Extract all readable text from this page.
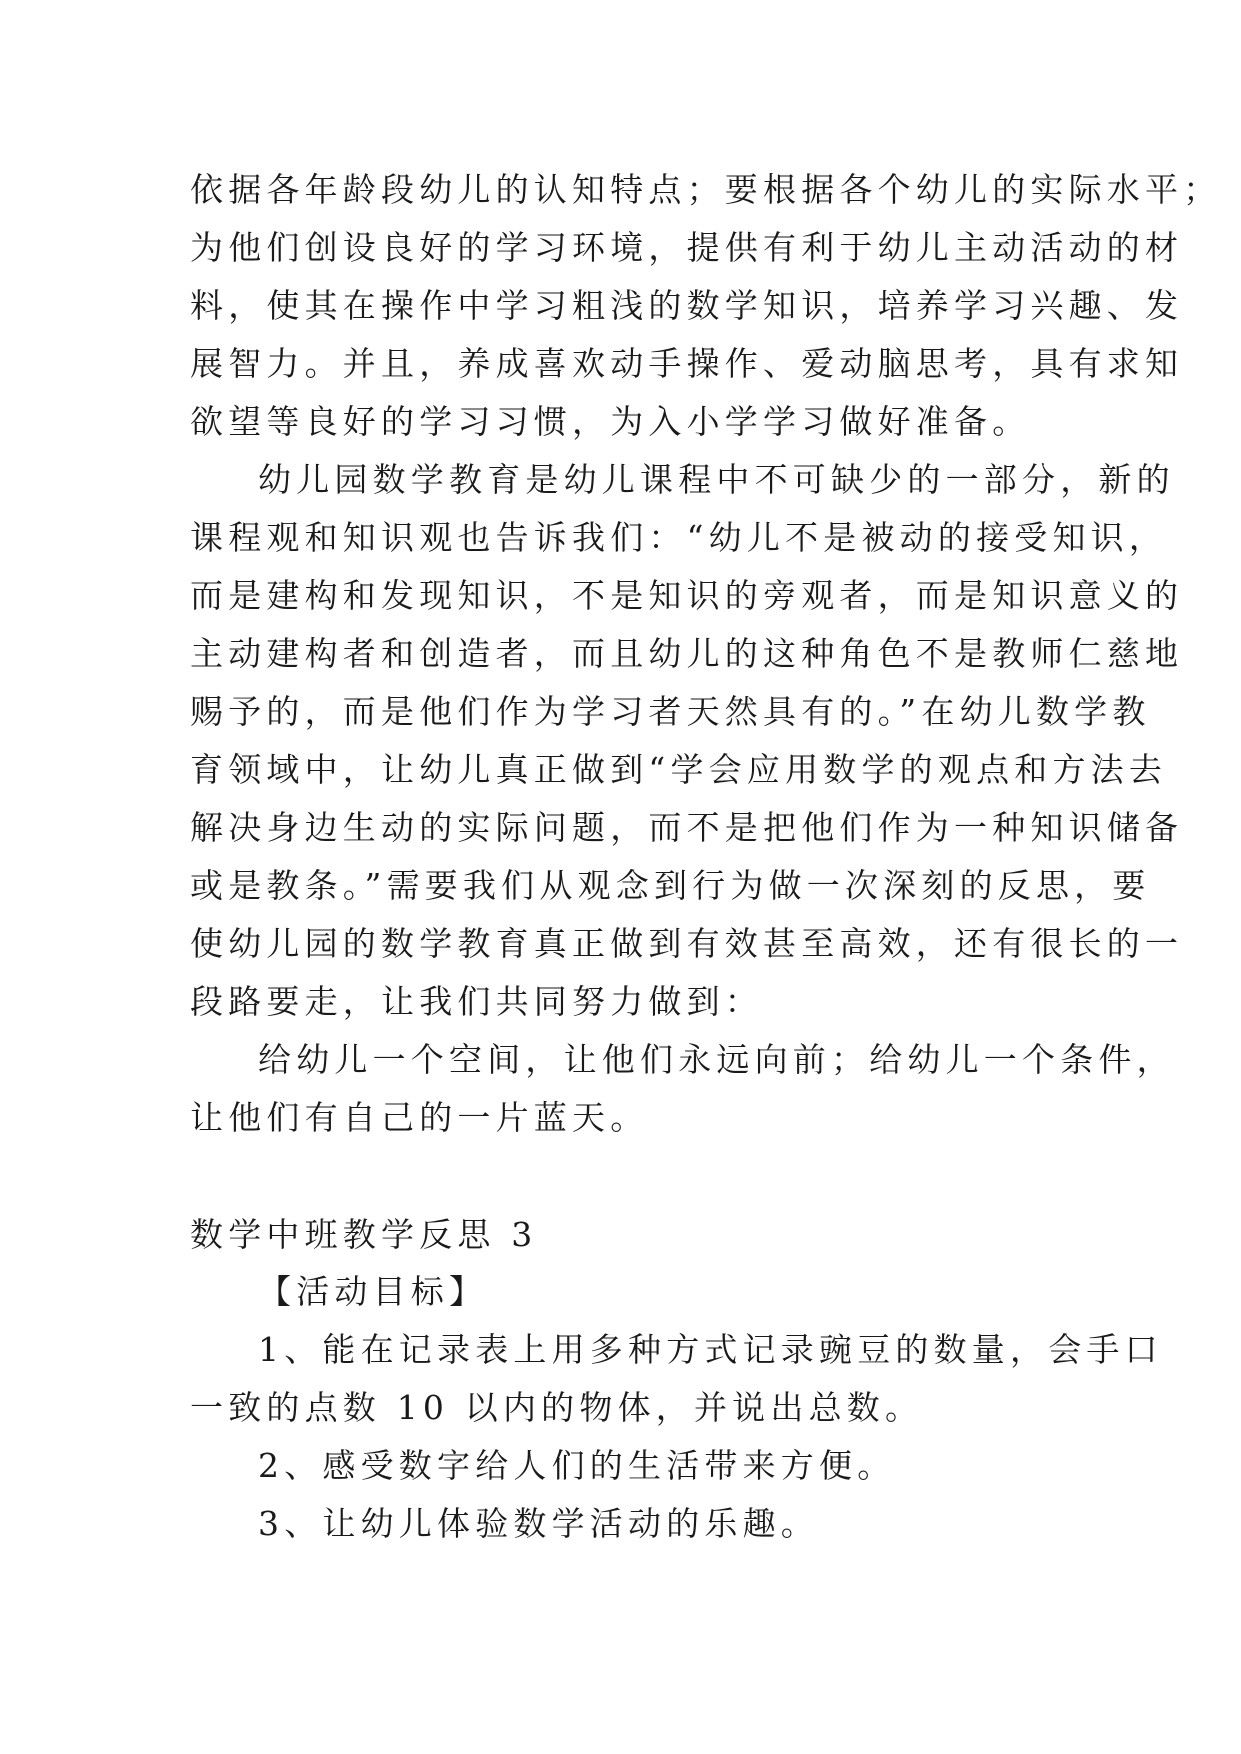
依据各年龄段幼儿的认知特点；要根据各个幼儿的实际水平；
为他们创设良好的学习环境，提供有利于幼儿主动活动的材
料，使其在操作中学习粗浅的数学知识，培养学习兴趣、发
展智力。并且，养成喜欢动手操作、爱动脑思考，具有求知
欲望等良好的学习习惯，为入小学学习做好准备。
幼儿园数学教育是幼儿课程中不可缺少的一部分，新的
课程观和知识观也告诉我们：“幼儿不是被动的接受知识，
而是建构和发现知识，不是知识的旁观者，而是知识意义的
主动建构者和创造者，而且幼儿的这种角色不是教师仁慈地
赐予的，而是他们作为学习者天然具有的。”在幼儿数学教
育领域中，让幼儿真正做到“学会应用数学的观点和方法去
解决身边生动的实际问题，而不是把他们作为一种知识储备
或是教条。”需要我们从观念到行为做一次深刻的反思，要
使幼儿园的数学教育真正做到有效甚至高效，还有很长的一
段路要走，让我们共同努力做到：
给幼儿一个空间，让他们永远向前；给幼儿一个条件，
让他们有自己的一片蓝天。
数学中班教学反思 3
【活动目标】
1、能在记录表上用多种方式记录豌豆的数量，会手口
一致的点数 10 以内的物体，并说出总数。
2、感受数字给人们的生活带来方便。
3、让幼儿体验数学活动的乐趣。
